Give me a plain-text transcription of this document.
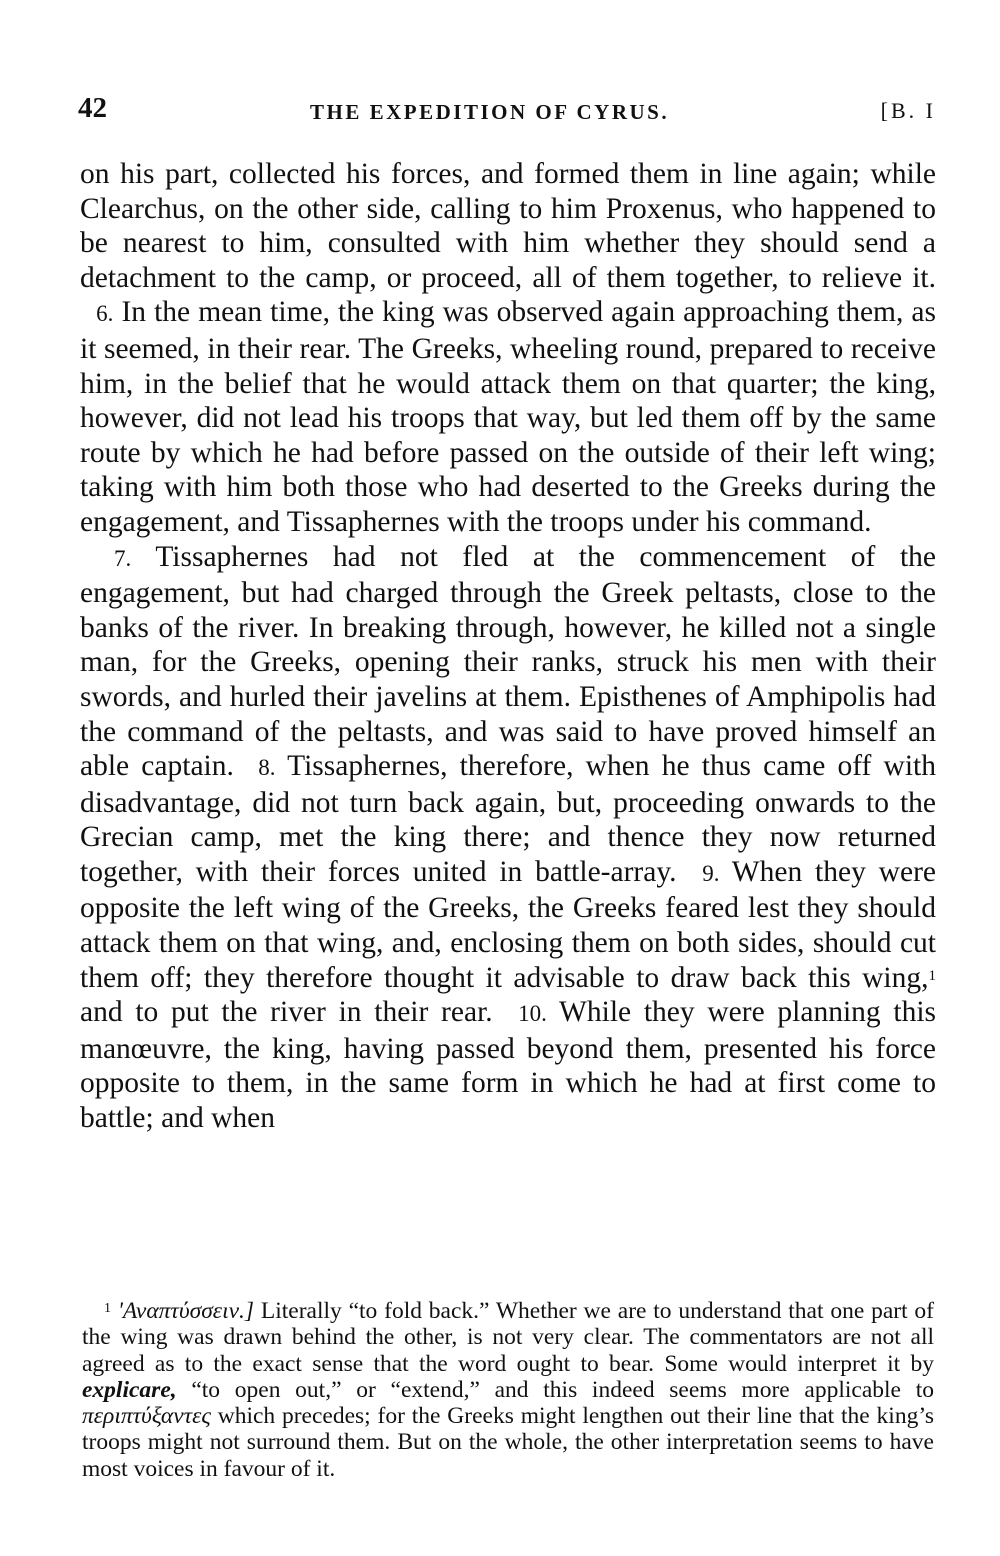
42	THE EXPEDITION OF CYRUS.	[B. I

on his part, collected his forces, and formed them in line again; while Clearchus, on the other side, calling to him Proxenus, who happened to be nearest to him, consulted with him whether they should send a detachment to the camp, or proceed, all of them together, to relieve it.   6. In the mean time, the king was observed again approaching them, as it seemed, in their rear. The Greeks, wheeling round, prepared to receive him, in the belief that he would attack them on that quarter; the king, however, did not lead his troops that way, but led them off by the same route by which he had before passed on the outside of their left wing; taking with him both those who had deserted to the Greeks during the engagement, and Tissaphernes with the troops under his command.

7. Tissaphernes had not fled at the commencement of the engagement, but had charged through the Greek peltasts, close to the banks of the river. In breaking through, however, he killed not a single man, for the Greeks, opening their ranks, struck his men with their swords, and hurled their javelins at them. Episthenes of Amphipolis had the command of the peltasts, and was said to have proved himself an able captain. 8. Tissaphernes, therefore, when he thus came off with disadvantage, did not turn back again, but, proceeding onwards to the Grecian camp, met the king there; and thence they now returned together, with their forces united in battle-array. 9. When they were opposite the left wing of the Greeks, the Greeks feared lest they should attack them on that wing, and, enclosing them on both sides, should cut them off; they therefore thought it advisable to draw back this wing,$^1$ and to put the river in their rear. 10. While they were planning this manœuvre, the king, having passed beyond them, presented his force opposite to them, in the same form in which he had at first come to battle; and when

$^1$ 'Αναπτύσσειν.] Literally “to fold back.” Whether we are to understand that one part of the wing was drawn behind the other, is not very clear. The commentators are not all agreed as to the exact sense that the word ought to bear. Some would interpret it by explicare, “to open out,” or “extend,” and this indeed seems more applicable to περιπτύξαντες which precedes; for the Greeks might lengthen out their line that the king’s troops might not surround them. But on the whole, the other interpretation seems to have most voices in favour of it.
